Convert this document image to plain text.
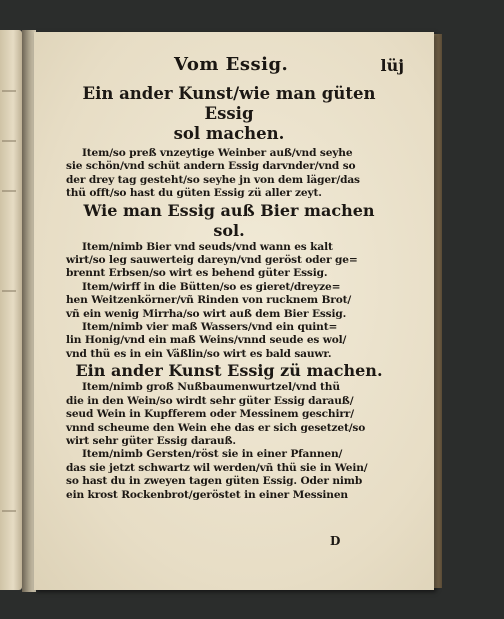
Vom Essig.	lüj
Ein ander Kunst/wie man güten Essig
sol machen.
Item/so preß vnzeytige Weinber auß/vnd seyhe
sie schön/vnd schüt andern Essig darvnder/vnd so
der drey tag gesteht/so seyhe jn von dem läger/das
thü offt/so hast du güten Essig zü aller zeyt.
Wie man Essig auß Bier machen sol.
Item/nimb Bier vnd seuds/vnd wann es kalt
wirt/so leg sauwerteig dareyn/vnd geröst oder ge=
brennt Erbsen/so wirt es behend güter Essig.
Item/wirff in die Bütten/so es gieret/dreyze=
hen Weitzenkörner/vñ Rinden von rucknem Brot/
vñ ein wenig Mirrha/so wirt auß dem Bier Essig.
Item/nimb vier maß Wassers/vnd ein quint=
lin Honig/vnd ein maß Weins/vnnd seude es wol/
vnd thü es in ein Väßlin/so wirt es bald sauwr.
Ein ander Kunst Essig zü machen.
Item/nimb groß Nußbaumenwurtzel/vnd thü
die in den Wein/so wirdt sehr güter Essig darauß/
seud Wein in Kupfferem oder Messinem geschirr/
vnnd scheume den Wein ehe das er sich gesetzet/so
wirt sehr güter Essig darauß.
Item/nimb Gersten/röst sie in einer Pfannen/
das sie jetzt schwartz wil werden/vñ thü sie in Wein/
so hast du in zweyen tagen güten Essig. Oder nimb
ein krost Rockenbrot/geröstet in einer Messinen
D
